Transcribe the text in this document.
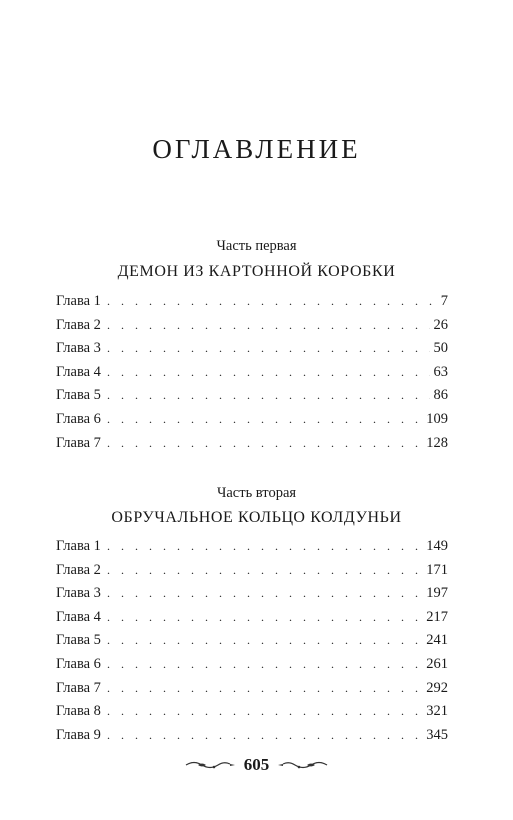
ОГЛАВЛЕНИЕ
Часть первая
ДЕМОН ИЗ КАРТОННОЙ КОРОБКИ
Глава 1 . . .	7
Глава 2 . . .	26
Глава 3 . . .	50
Глава 4 . . .	63
Глава 5 . . .	86
Глава 6 . . .	109
Глава 7 . . .	128
Часть вторая
ОБРУЧАЛЬНОЕ КОЛЬЦО КОЛДУНЬИ
Глава 1 . . .	149
Глава 2 . . .	171
Глава 3 . . .	197
Глава 4 . . .	217
Глава 5 . . .	241
Глава 6 . . .	261
Глава 7 . . .	292
Глава 8 . . .	321
Глава 9 . . .	345
605
